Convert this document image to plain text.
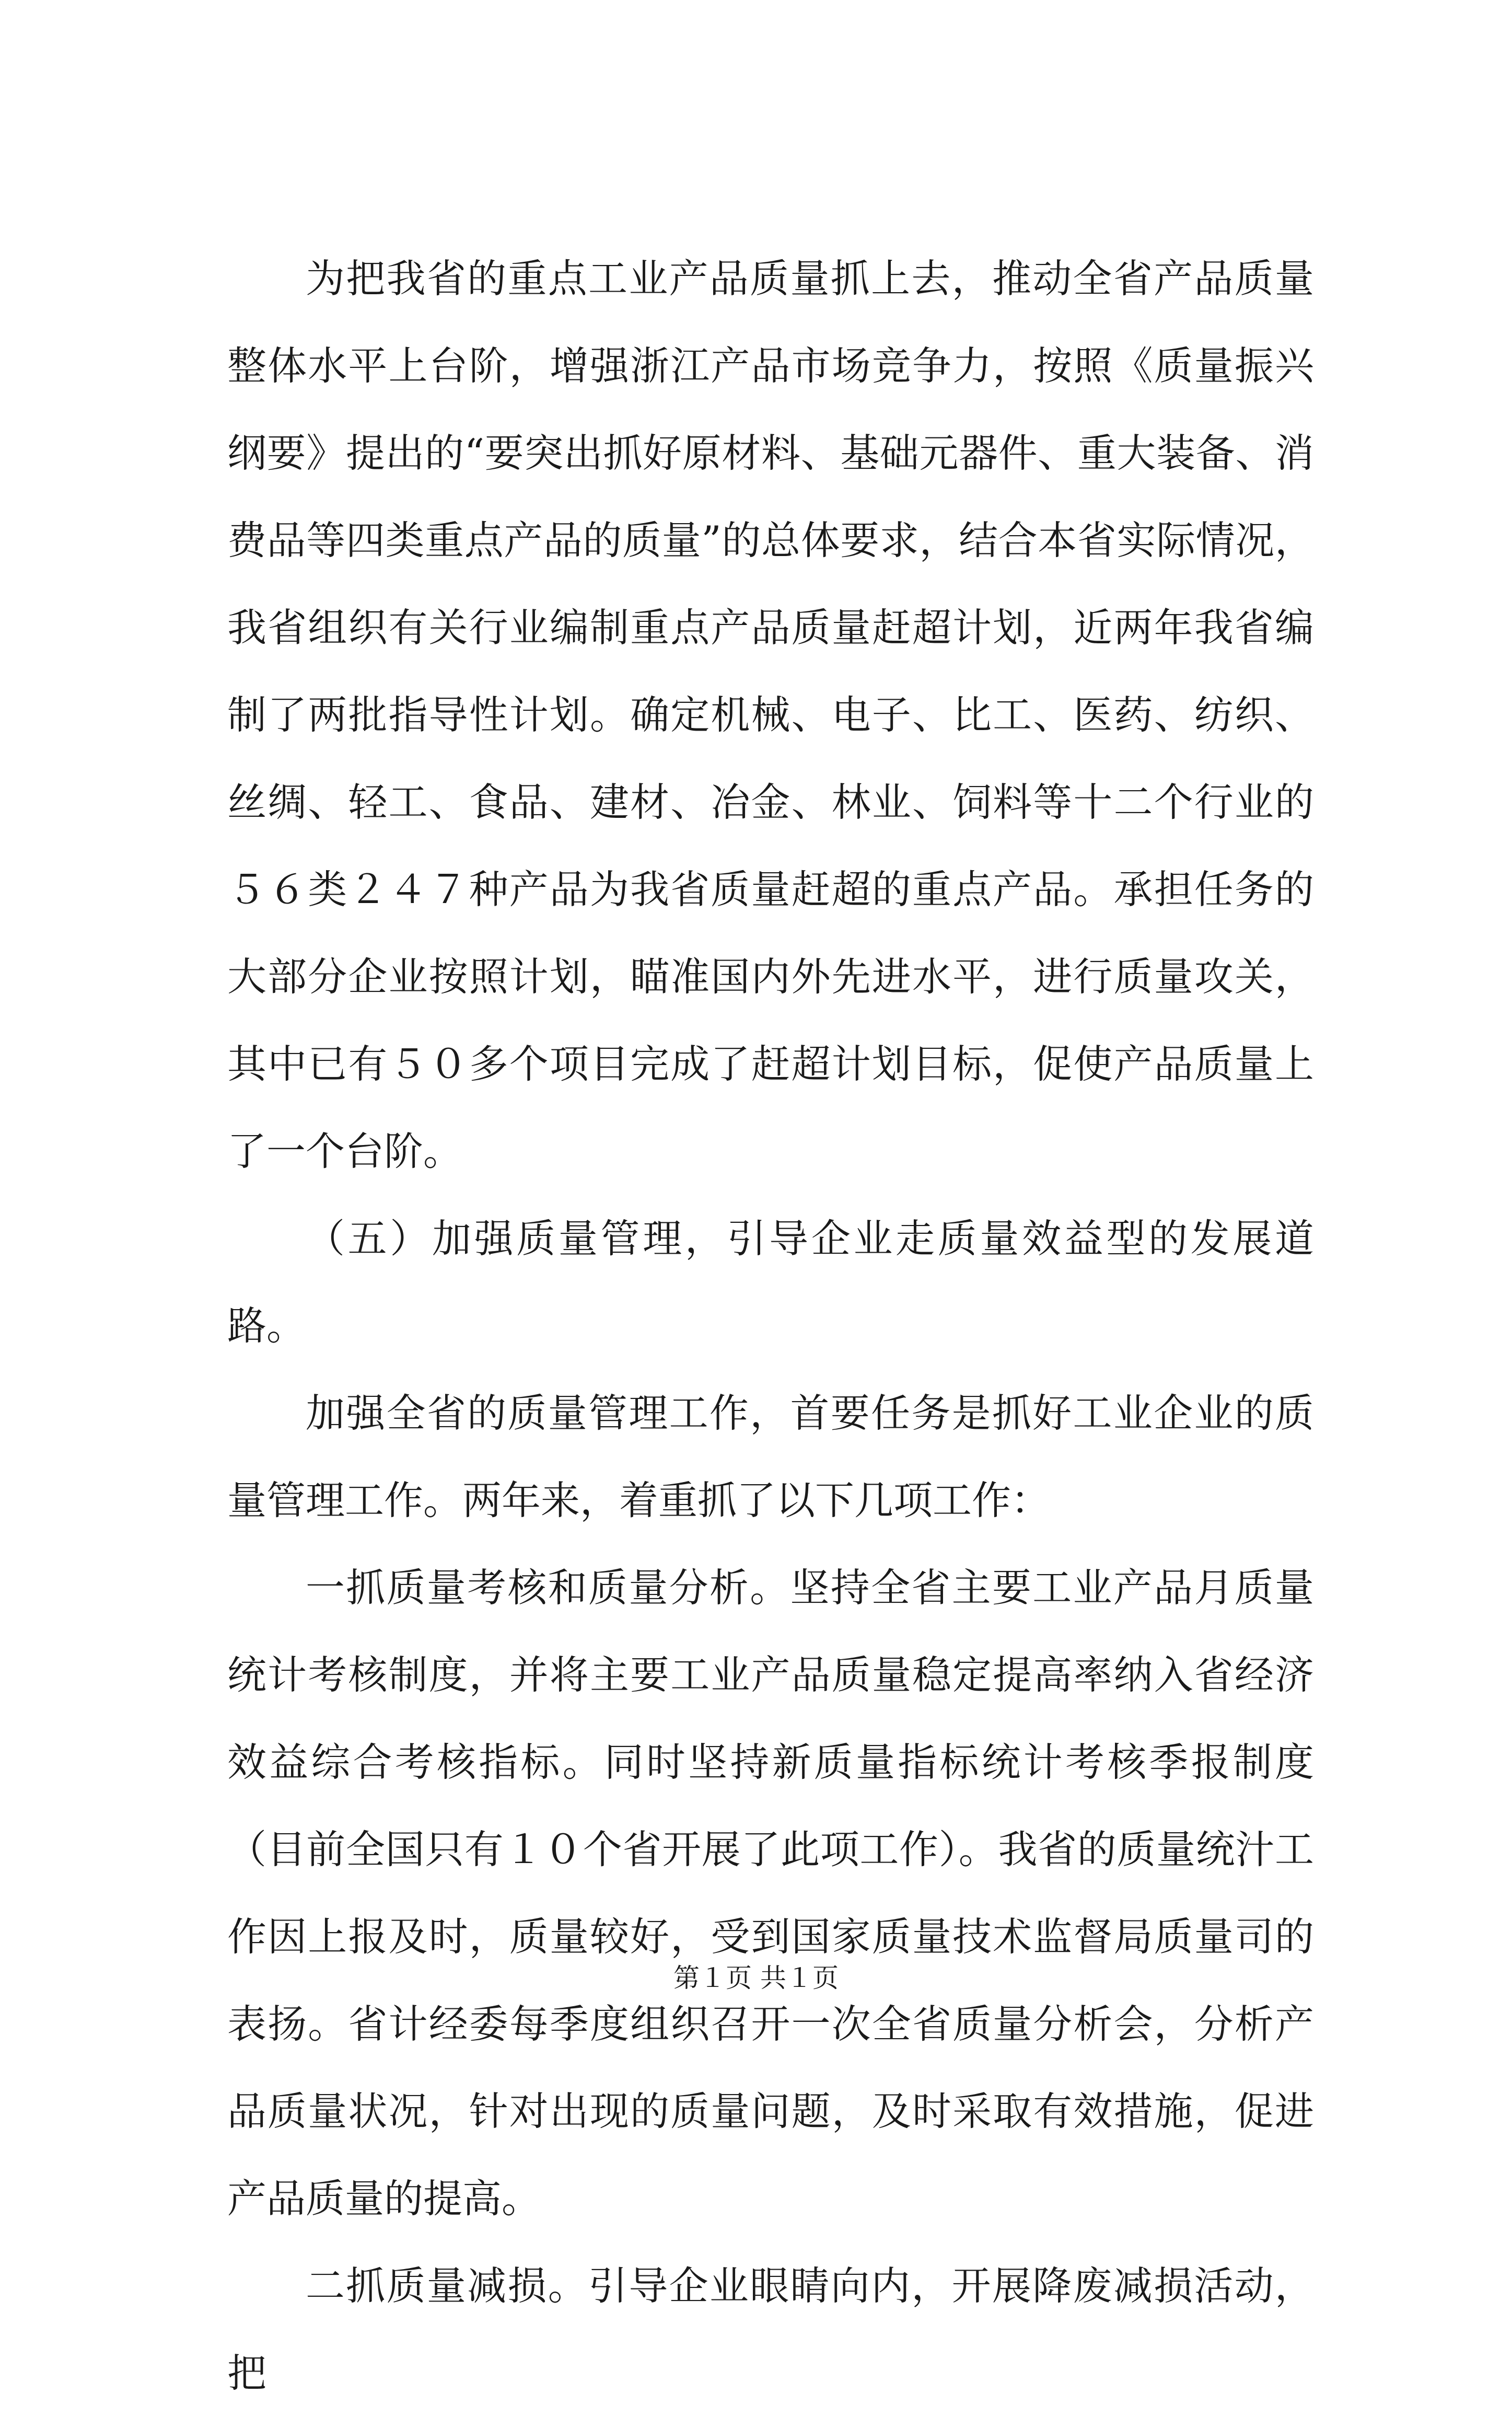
为把我省的重点工业产品质量抓上去，推动全省产品质量整体水平上台阶，增强浙江产品市场竞争力，按照《质量振兴纲要》提出的“要突出抓好原材料、基础元器件、重大装备、消费品等四类重点产品的质量”的总体要求，结合本省实际情况，我省组织有关行业编制重点产品质量赶超计划，近两年我省编制了两批指导性计划。确定机械、电子、比工、医药、纺织、丝绸、轻工、食品、建材、冶金、林业、饲料等十二个行业的５６类２４７种产品为我省质量赶超的重点产品。承担任务的大部分企业按照计划，瞄准国内外先进水平，进行质量攻关，其中已有５０多个项目完成了赶超计划目标，促使产品质量上了一个台阶。

（五）加强质量管理，引导企业走质量效益型的发展道路。

加强全省的质量管理工作，首要任务是抓好工业企业的质量管理工作。两年来，着重抓了以下几项工作：

一抓质量考核和质量分析。坚持全省主要工业产品月质量统计考核制度，并将主要工业产品质量稳定提高率纳入省经济效益综合考核指标。同时坚持新质量指标统计考核季报制度（目前全国只有１０个省开展了此项工作）。我省的质量统汁工作因上报及时，质量较好，受到国家质量技术监督局质量司的表扬。省计经委每季度组织召开一次全省质量分析会，分析产品质量状况，针对出现的质量问题，及时采取有效措施，促进产品质量的提高。

二抓质量减损。引导企业眼睛向内，开展降废减损活动，把

第１页 共１页
